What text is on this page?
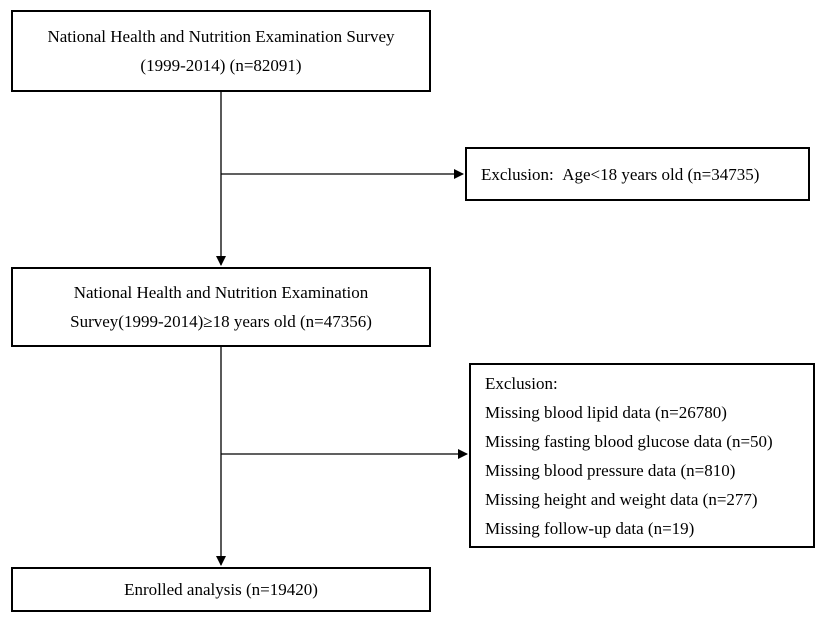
National Health and Nutrition Examination Survey
(1999-2014) (n=82091)
Exclusion:  Age<18 years old (n=34735)
National Health and Nutrition Examination
Survey(1999-2014)≥18 years old (n=47356)
Exclusion:
Missing blood lipid data (n=26780)
Missing fasting blood glucose data (n=50)
Missing blood pressure data (n=810)
Missing height and weight data (n=277)
Missing follow-up data (n=19)
Enrolled analysis (n=19420)
